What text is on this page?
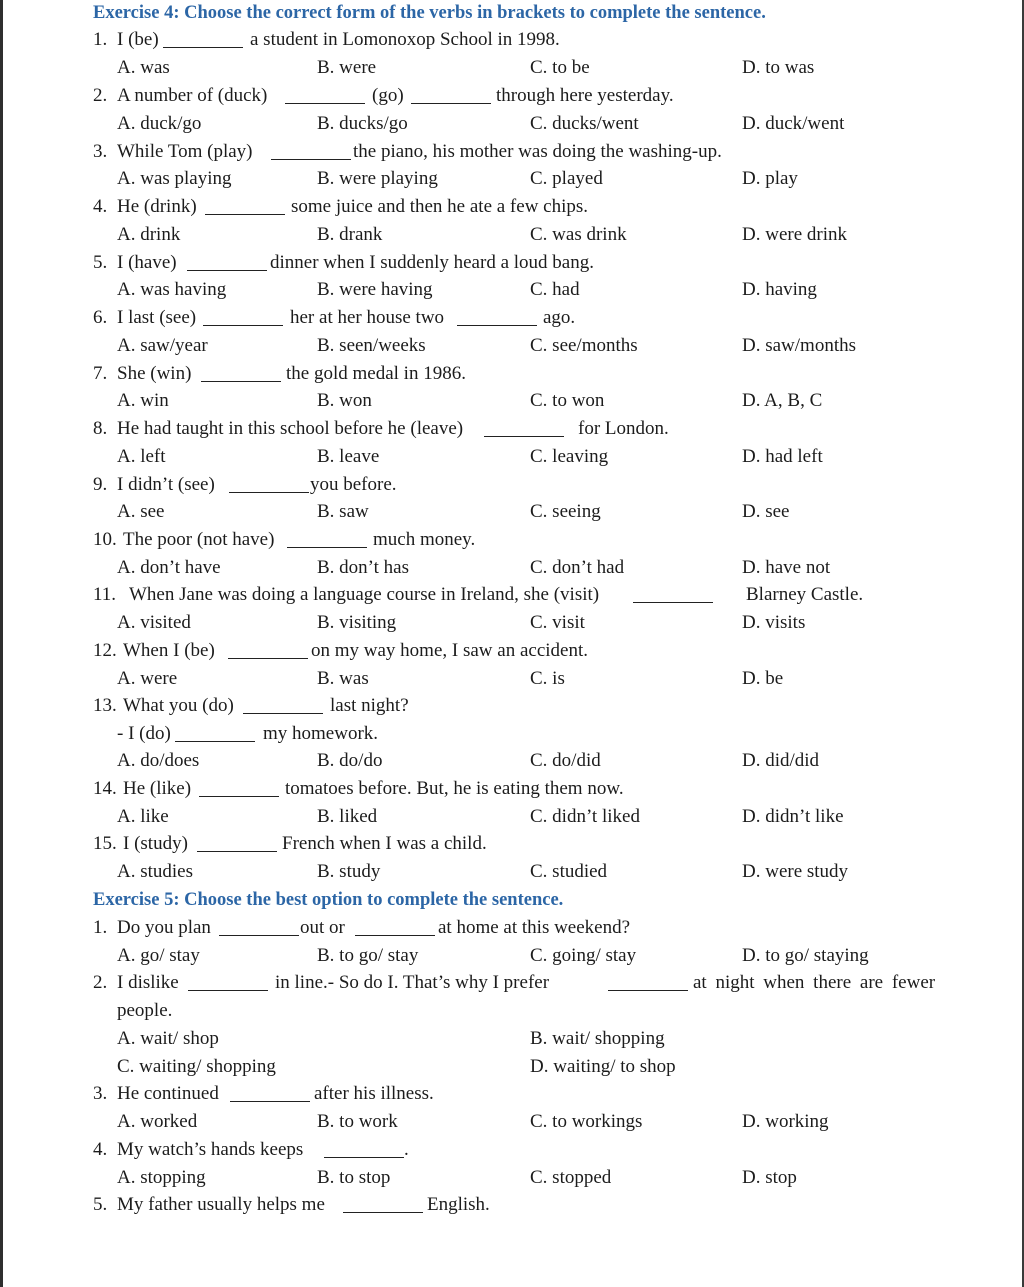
Exercise 4: Choose the correct form of the verbs in brackets to complete the sentence.
1. I (be)	a student in Lomonoxop School in 1998.
A. was	B. were	C. to be	D. to was
2. A number of (duck)	(go)	through here yesterday.
A. duck/go	B. ducks/go	C. ducks/went	D. duck/went
3. While Tom (play)	the piano, his mother was doing the washing-up.
A. was playing	B. were playing	C. played	D. play
4. He (drink)	some juice and then he ate a few chips.
A. drink	B. drank	C. was drink	D. were drink
5. I (have)	dinner when I suddenly heard a loud bang.
A. was having	B. were having	C. had	D. having
6. I last (see)	her at her house two	ago.
A. saw/year	B. seen/weeks	C. see/months	D. saw/months
7. She (win)	the gold medal in 1986.
A. win	B. won	C. to won	D. A, B, C
8. He had taught in this school before he (leave)	for London.
A. left	B. leave	C. leaving	D. had left
9. I didn’t (see)	you before.
A. see	B. saw	C. seeing	D. see
10. The poor (not have)	much money.
A. don’t have	B. don’t has	C. don’t had	D. have not
11. When Jane was doing a language course in Ireland, she (visit)	Blarney Castle.
A. visited	B. visiting	C. visit	D. visits
12. When I (be)	on my way home, I saw an accident.
A. were	B. was	C. is	D. be
13. What you (do)	last night?
- I (do)	my homework.
A. do/does	B. do/do	C. do/did	D. did/did
14. He (like)	tomatoes before. But, he is eating them now.
A. like	B. liked	C. didn’t liked	D. didn’t like
15. I (study)	French when I was a child.
A. studies	B. study	C. studied	D. were study
Exercise 5: Choose the best option to complete the sentence.
1. Do you plan	out or	at home at this weekend?
A. go/ stay	B. to go/ stay	C. going/ stay	D. to go/ staying
2. I dislike	in line.- So do I. That’s why I prefer	at night when there are fewer
people.
A. wait/ shop	B. wait/ shopping
C. waiting/ shopping	D. waiting/ to shop
3. He continued	after his illness.
A. worked	B. to work	C. to workings	D. working
4. My watch’s hands keeps	.
A. stopping	B. to stop	C. stopped	D. stop
5. My father usually helps me	English.
